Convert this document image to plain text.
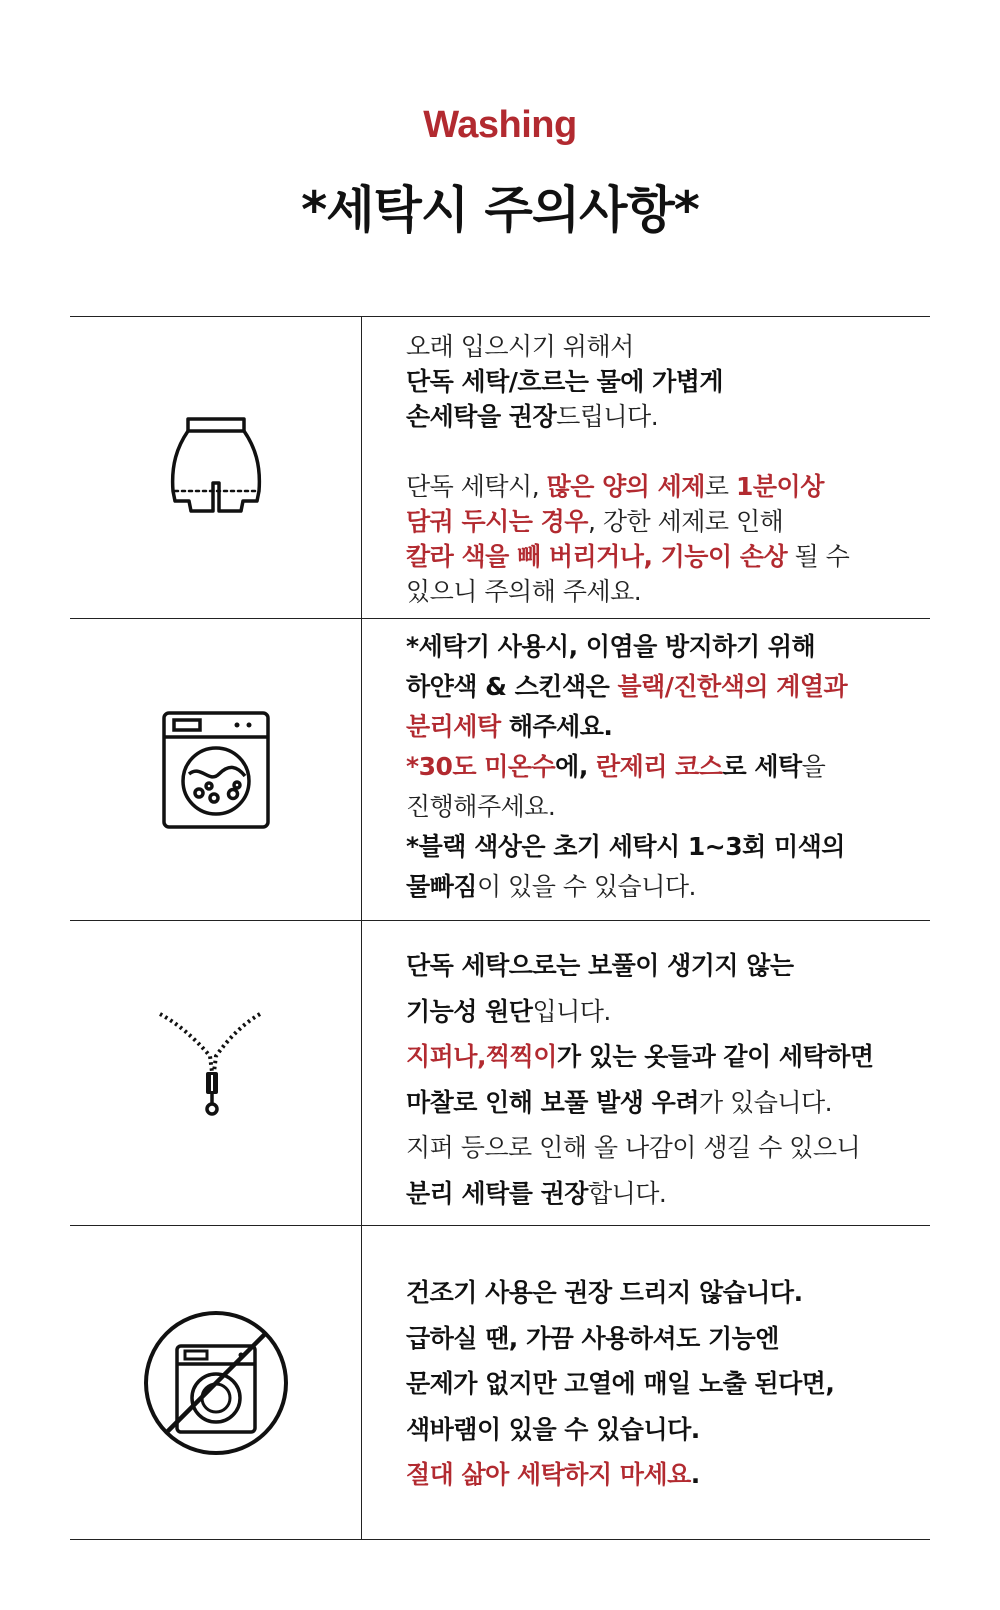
Washing
*세탁시 주의사항*
오래 입으시기 위해서
단독 세탁/흐르는 물에 가볍게
손세탁을 권장드립니다.

단독 세탁시, 많은 양의 세제로 1분이상
담궈 두시는 경우, 강한 세제로 인해
칼라 색을 빼 버리거나, 기능이 손상 될 수
있으니 주의해 주세요.
*세탁기 사용시, 이염을 방지하기 위해
하얀색 & 스킨색은 블랙/진한색의 계열과
분리세탁 해주세요.
*30도 미온수에, 란제리 코스로 세탁을
진행해주세요.
*블랙 색상은 초기 세탁시 1~3회 미색의
물빠짐이 있을 수 있습니다.
단독 세탁으로는 보풀이 생기지 않는
기능성 원단입니다.
지퍼나,찍찍이가 있는 옷들과 같이 세탁하면
마찰로 인해 보풀 발생 우려가 있습니다.
지퍼 등으로 인해 올 나감이 생길 수 있으니
분리 세탁를 권장합니다.
건조기 사용은 권장 드리지 않습니다.
급하실 땐, 가끔 사용하셔도 기능엔
문제가 없지만 고열에 매일 노출 된다면,
색바램이 있을 수 있습니다.
절대 삶아 세탁하지 마세요.
